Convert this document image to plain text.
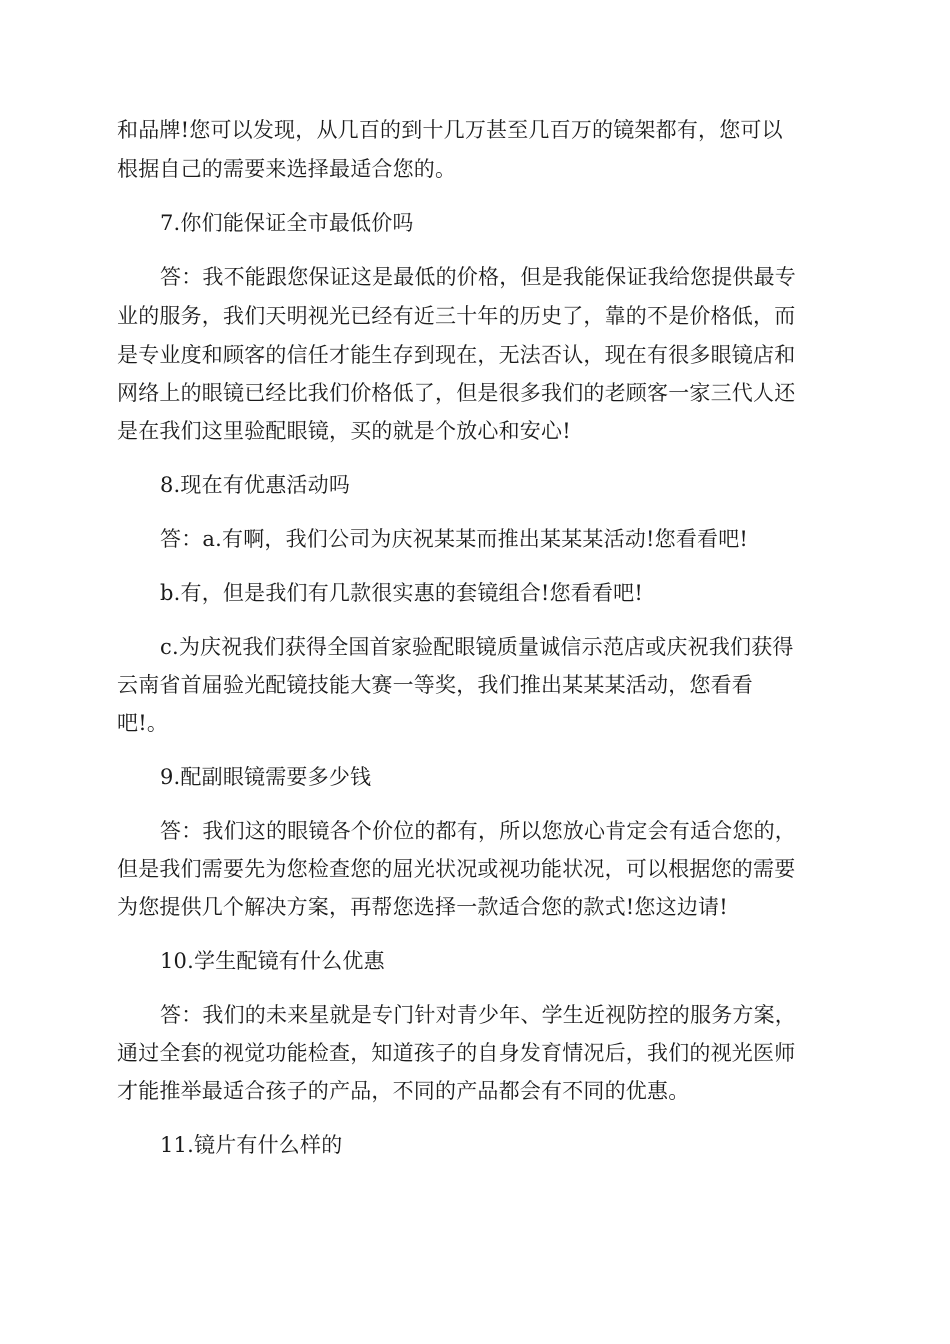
和品牌!您可以发现，从几百的到十几万甚至几百万的镜架都有，您可以
根据自己的需要来选择最适合您的。
7.你们能保证全市最低价吗
答：我不能跟您保证这是最低的价格，但是我能保证我给您提供最专
业的服务，我们天明视光已经有近三十年的历史了，靠的不是价格低，而
是专业度和顾客的信任才能生存到现在，无法否认，现在有很多眼镜店和
网络上的眼镜已经比我们价格低了，但是很多我们的老顾客一家三代人还
是在我们这里验配眼镜，买的就是个放心和安心!
8.现在有优惠活动吗
答：a.有啊，我们公司为庆祝某某而推出某某某活动!您看看吧!
b.有，但是我们有几款很实惠的套镜组合!您看看吧!
c.为庆祝我们获得全国首家验配眼镜质量诚信示范店或庆祝我们获得
云南省首届验光配镜技能大赛一等奖，我们推出某某某活动，您看看
吧!。
9.配副眼镜需要多少钱
答：我们这的眼镜各个价位的都有，所以您放心肯定会有适合您的，
但是我们需要先为您检查您的屈光状况或视功能状况，可以根据您的需要
为您提供几个解决方案，再帮您选择一款适合您的款式!您这边请!
10.学生配镜有什么优惠
答：我们的未来星就是专门针对青少年、学生近视防控的服务方案，
通过全套的视觉功能检查，知道孩子的自身发育情况后，我们的视光医师
才能推举最适合孩子的产品，不同的产品都会有不同的优惠。
11.镜片有什么样的
